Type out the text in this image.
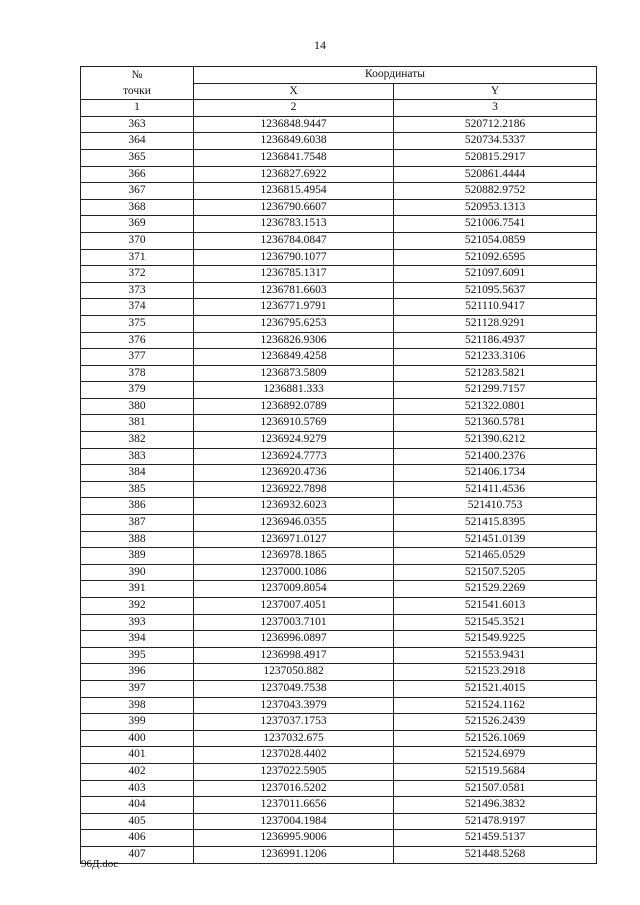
14
№
точки	Координаты	
	X	Y
1	2	3
363	1236848.9447	520712.2186
364	1236849.6038	520734.5337
365	1236841.7548	520815.2917
366	1236827.6922	520861.4444
367	1236815.4954	520882.9752
368	1236790.6607	520953.1313
369	1236783.1513	521006.7541
370	1236784.0847	521054.0859
371	1236790.1077	521092.6595
372	1236785.1317	521097.6091
373	1236781.6603	521095.5637
374	1236771.9791	521110.9417
375	1236795.6253	521128.9291
376	1236826.9306	521186.4937
377	1236849.4258	521233.3106
378	1236873.5809	521283.5821
379	1236881.333	521299.7157
380	1236892.0789	521322.0801
381	1236910.5769	521360.5781
382	1236924.9279	521390.6212
383	1236924.7773	521400.2376
384	1236920.4736	521406.1734
385	1236922.7898	521411.4536
386	1236932.6023	521410.753
387	1236946.0355	521415.8395
388	1236971.0127	521451.0139
389	1236978.1865	521465.0529
390	1237000.1086	521507.5205
391	1237009.8054	521529.2269
392	1237007.4051	521541.6013
393	1237003.7101	521545.3521
394	1236996.0897	521549.9225
395	1236998.4917	521553.9431
396	1237050.882	521523.2918
397	1237049.7538	521521.4015
398	1237043.3979	521524.1162
399	1237037.1753	521526.2439
400	1237032.675	521526.1069
401	1237028.4402	521524.6979
402	1237022.5905	521519.5684
403	1237016.5202	521507.0581
404	1237011.6656	521496.3832
405	1237004.1984	521478.9197
406	1236995.9006	521459.5137
407	1236991.1206	521448.5268
96Д.doc
